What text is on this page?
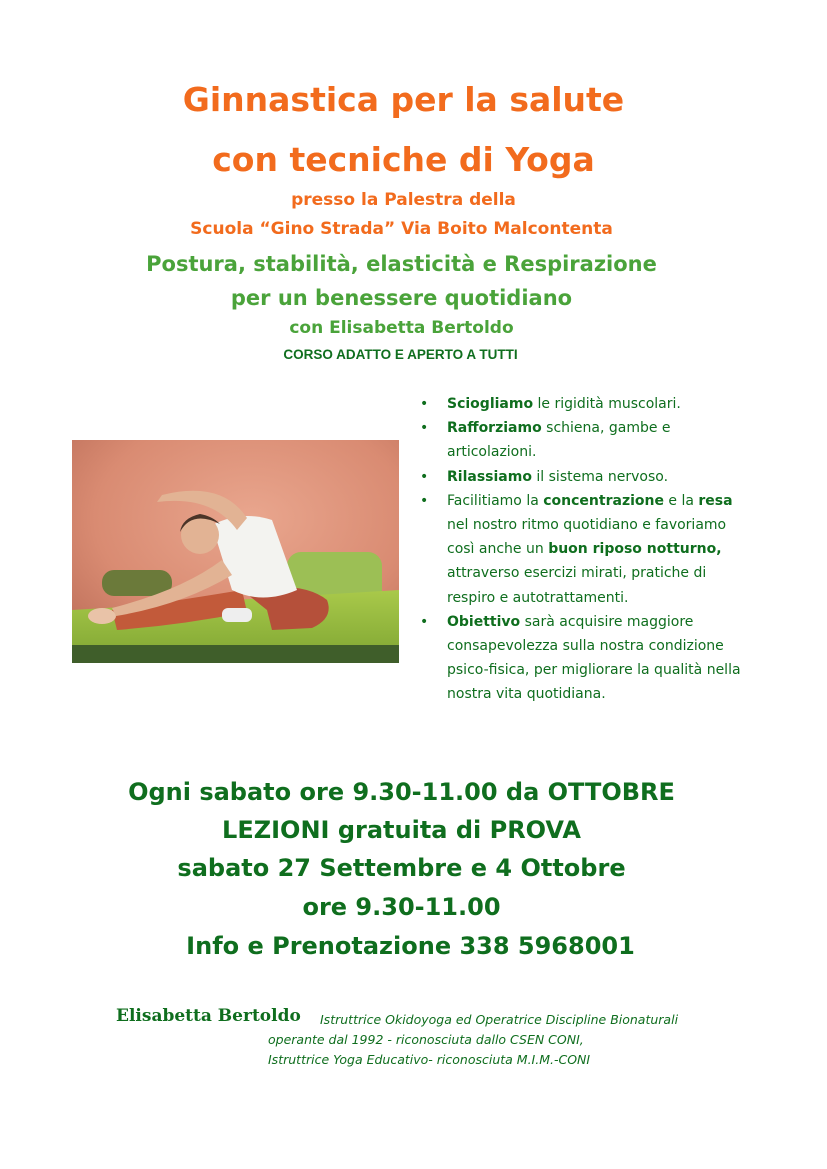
Ginnastica per la salute
con tecniche di Yoga
presso la Palestra della
Scuola “Gino Strada” Via Boito Malcontenta
Postura, stabilità, elasticità e Respirazione
per un benessere quotidiano
con Elisabetta Bertoldo
CORSO ADATTO E APERTO A TUTTI
• Sciogliamo le rigidità muscolari.
• Rafforziamo schiena, gambe e articolazioni.
• Rilassiamo il sistema nervoso.
• Facilitiamo la concentrazione e la resa nel nostro ritmo quotidiano e favoriamo così anche un buon riposo notturno, attraverso esercizi mirati, pratiche di respiro e autotrattamenti.
• Obiettivo sarà acquisire maggiore consapevolezza sulla nostra condizione psico-fisica, per migliorare la qualità nella nostra vita quotidiana.
Ogni sabato ore 9.30-11.00 da OTTOBRE
LEZIONI gratuita di PROVA
sabato 27 Settembre e 4 Ottobre
ore 9.30-11.00
Info e Prenotazione 338 5968001
Elisabetta Bertoldo Istruttrice Okidoyoga ed Operatrice Discipline Bionaturali
operante dal 1992 - riconosciuta dallo CSEN CONI,
Istruttrice Yoga Educativo- riconosciuta M.I.M.-CONI
